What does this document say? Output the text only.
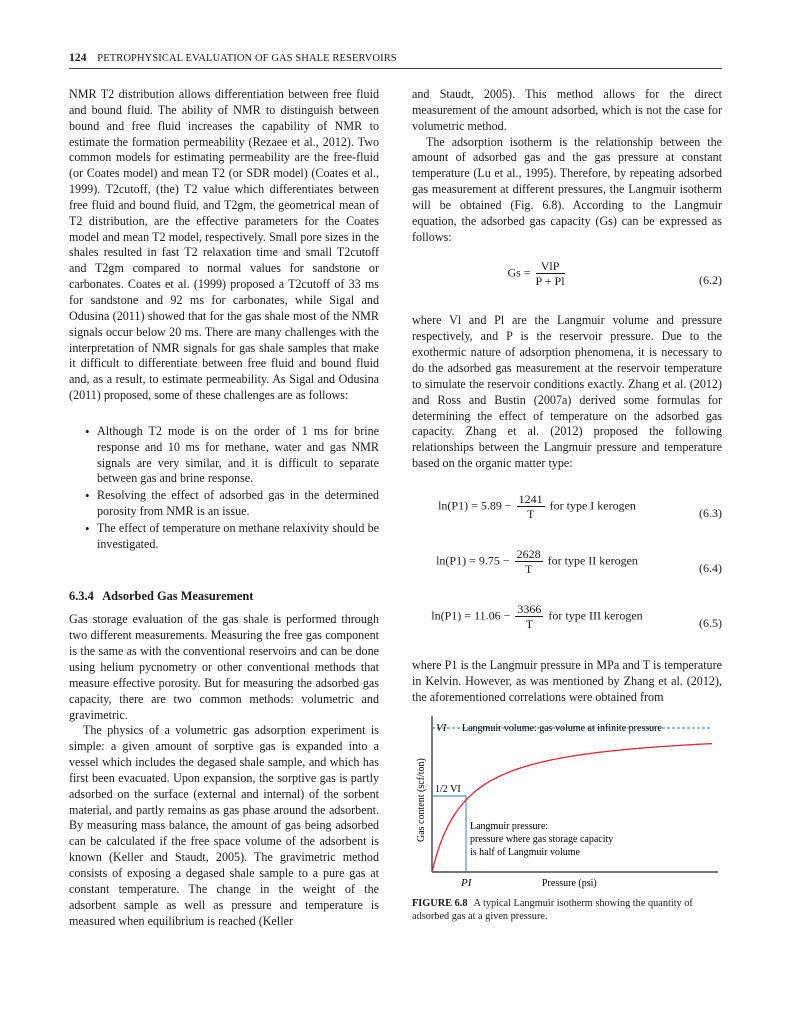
124 PETROPHYSICAL EVALUATION OF GAS SHALE RESERVOIRS

NMR T2 distribution allows differentiation between free fluid and bound fluid. The ability of NMR to distinguish between bound and free fluid increases the capability of NMR to estimate the formation permeability (Rezaee et al., 2012). Two common models for estimating permeability are the free-fluid (or Coates model) and mean T2 (or SDR model) (Coates et al., 1999). T2cutoff, (the) T2 value which differentiates between free fluid and bound fluid, and T2gm, the geometrical mean of T2 distribution, are the effective parameters for the Coates model and mean T2 model, respectively. Small pore sizes in the shales resulted in fast T2 relaxation time and small T2cutoff and T2gm compared to normal values for sandstone or carbonates. Coates et al. (1999) proposed a T2cutoff of 33 ms for sandstone and 92 ms for carbonates, while Sigal and Odusina (2011) showed that for the gas shale most of the NMR signals occur below 20 ms. There are many challenges with the interpretation of NMR signals for gas shale samples that make it difficult to differentiate between free fluid and bound fluid and, as a result, to estimate permeability. As Sigal and Odusina (2011) proposed, some of these challenges are as follows:

• Although T2 mode is on the order of 1 ms for brine response and 10 ms for methane, water and gas NMR signals are very similar, and it is difficult to separate between gas and brine response.
• Resolving the effect of adsorbed gas in the determined porosity from NMR is an issue.
• The effect of temperature on methane relaxivity should be investigated.
6.3.4 Adsorbed Gas Measurement

Gas storage evaluation of the gas shale is performed through two different measurements. Measuring the free gas component is the same as with the conventional reservoirs and can be done using helium pycnometry or other conventional methods that measure effective porosity. But for measuring the adsorbed gas capacity, there are two common methods: volumetric and gravimetric.

The physics of a volumetric gas adsorption experiment is simple: a given amount of sorptive gas is expanded into a vessel which includes the degased shale sample, and which has first been evacuated. Upon expansion, the sorptive gas is partly adsorbed on the surface (external and internal) of the sorbent material, and partly remains as gas phase around the adsorbent. By measuring mass balance, the amount of gas being adsorbed can be calculated if the free space volume of the adsorbent is known (Keller and Staudt, 2005). The gravimetric method consists of exposing a degased shale sample to a pure gas at constant temperature. The change in the weight of the adsorbent sample as well as pressure and temperature is measured when equilibrium is reached (Keller

and Staudt, 2005). This method allows for the direct measurement of the amount adsorbed, which is not the case for volumetric method.

The adsorption isotherm is the relationship between the amount of adsorbed gas and the gas pressure at constant temperature (Lu et al., 1995). Therefore, by repeating adsorbed gas measurement at different pressures, the Langmuir isotherm will be obtained (Fig. 6.8). According to the Langmuir equation, the adsorbed gas capacity (Gs) can be expressed as follows:

$Gs = \frac{\text{VlP}}{P + Pl}$	(6.2)

where Vl and Pl are the Langmuir volume and pressure respectively, and P is the reservoir pressure. Due to the exothermic nature of adsorption phenomena, it is necessary to do the adsorbed gas measurement at the reservoir temperature to simulate the reservoir conditions exactly. Zhang et al. (2012) and Ross and Bustin (2007a) derived some formulas for determining the effect of temperature on the adsorbed gas capacity. Zhang et al. (2012) proposed the following relationships between the Langmuir pressure and temperature based on the organic matter type:

$\ln(P1) = 5.89 - \frac{1241}{T}$ for type I kerogen
(6.3)
$\ln(P1) = 9.75 - \frac{2628}{T}$ for type II kerogen
(6.4)
$\ln(P1) = 11.06 - \frac{3366}{T}$ for type III kerogen
(6.5)

where P1 is the Langmuir pressure in MPa and T is temperature in Kelvin. However, as was mentioned by Zhang et al. (2012), the aforementioned correlations were obtained from

VI Langmuir volume: gas volume at infinite pressure
1/2 VI
Langmuir pressure:
pressure where gas storage capacity
is half of Langmuir volume
PI	Pressure (psi)
Gas content (scf/ton)
FIGURE 6.8 A typical Langmuir isotherm showing the quantity of adsorbed gas at a given pressure.
